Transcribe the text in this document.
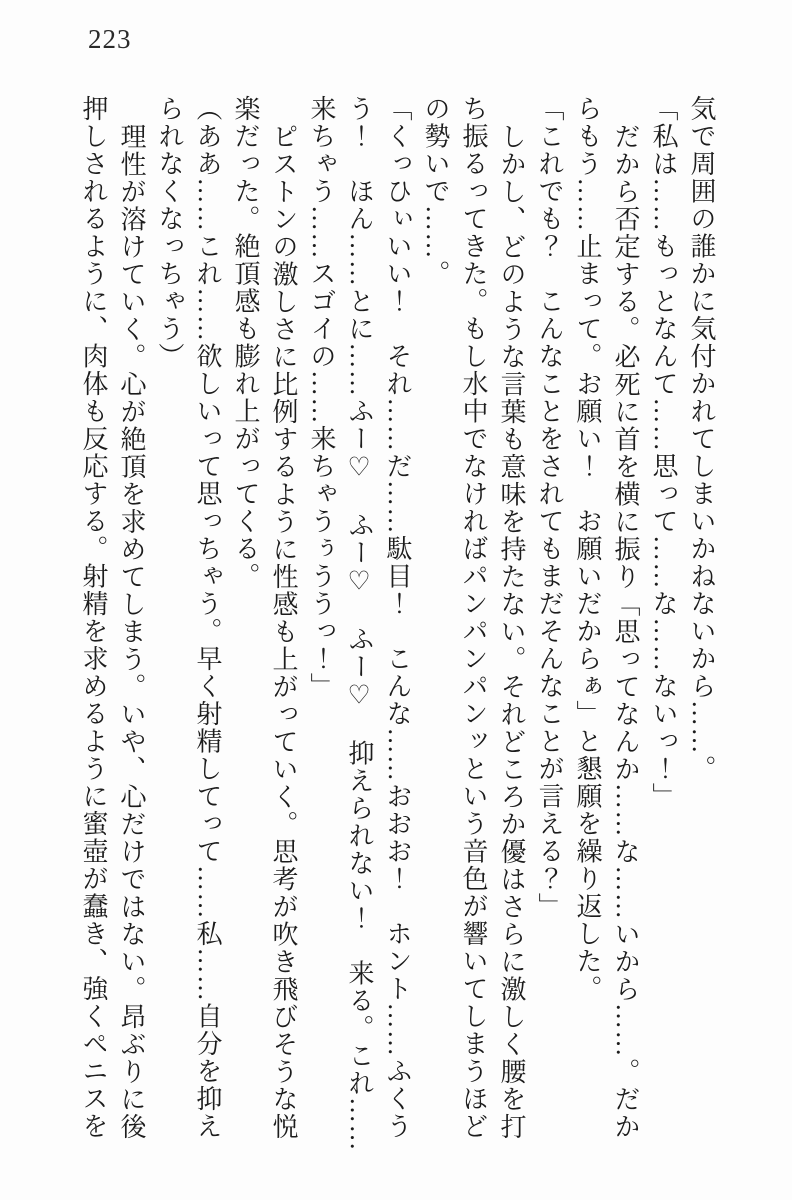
223

気で周囲の誰かに気付かれてしまいかねないから……。

「私は……もっとなんて……思って……な……ないっ！」

だから否定する。必死に首を横に振り「思ってなんか……な……いから……。だからもう……止まって。お願い！　お願いだからぁ」と懇願を繰り返した。

「これでも？　こんなことをされてもまだそんなことが言える？」

しかし、どのような言葉も意味を持たない。それどころか優はさらに激しく腰を打ち振るってきた。もし水中でなければパンパンパンッという音色が響いてしまうほどの勢いで……。

「くっひぃいい！　それ……だ……駄目！　こんな……おおお！　ホント……ふくうう！　ほん……とに……ふー♡　ふー♡　ふー♡　抑えられない！　来る。これ……来ちゃう……スゴイの……来ちゃうぅううっ！」

ピストンの激しさに比例するように性感も上がっていく。思考が吹き飛びそうな悦楽だった。絶頂感も膨れ上がってくる。

（ああ……これ……欲しいって思っちゃう。早く射精してって……私……自分を抑えられなくなっちゃう）

理性が溶けていく。心が絶頂を求めてしまう。いや、心だけではない。昂ぶりに後押しされるように、肉体も反応する。射精を求めるように蜜壺が蠢き、強くペニスを
